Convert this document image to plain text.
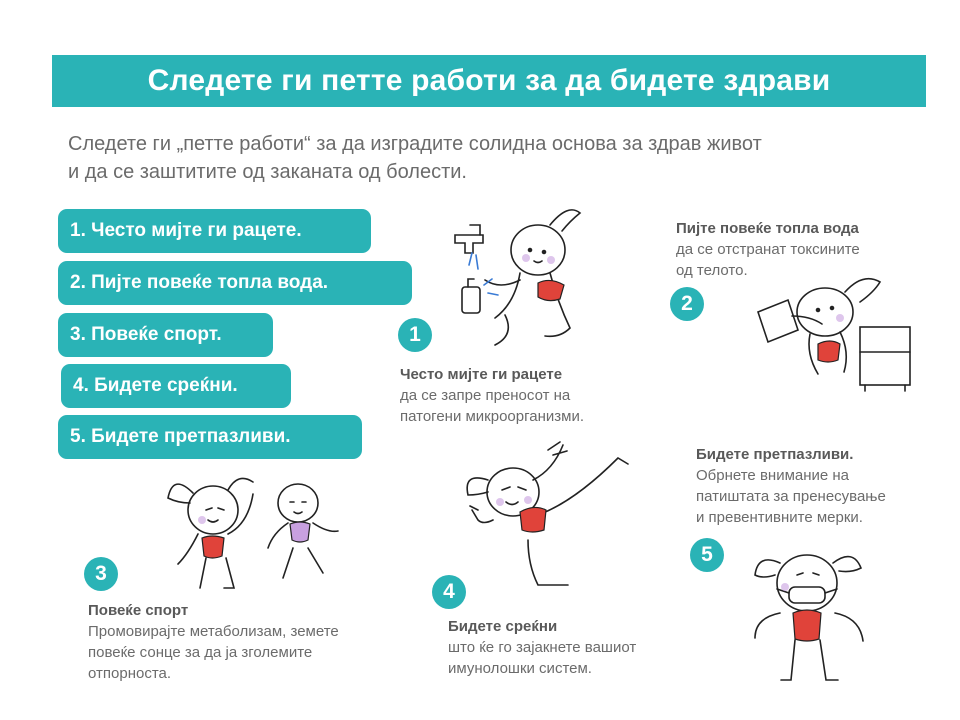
Следете ги петте работи за да бидете здрави
Следете ги „петте работи“ за да изградите солидна основа за здрав живот
и да се заштитите од заканата од болести.
1. Често мијте ги рацете.
2. Пијте повеќе топла вода.
3. Повеќе спорт.
4. Бидете среќни.
5. Бидете претпазливи.
1
Често мијте ги рацете
да се запре преносот на
патогени микроорганизми.
Пијте повеќе топла вода
да се отстранат токсините
од телото.
2
3
Повеќе спорт
Промовирајте метаболизам, земете
повеќе сонце за да ја зголемите
отпорноста.
4
Бидете среќни
што ќе го зајакнете вашиот
имунолошки систем.
Бидете претпазливи.
Обрнете внимание на
патиштата за пренесување
и превентивните мерки.
5
